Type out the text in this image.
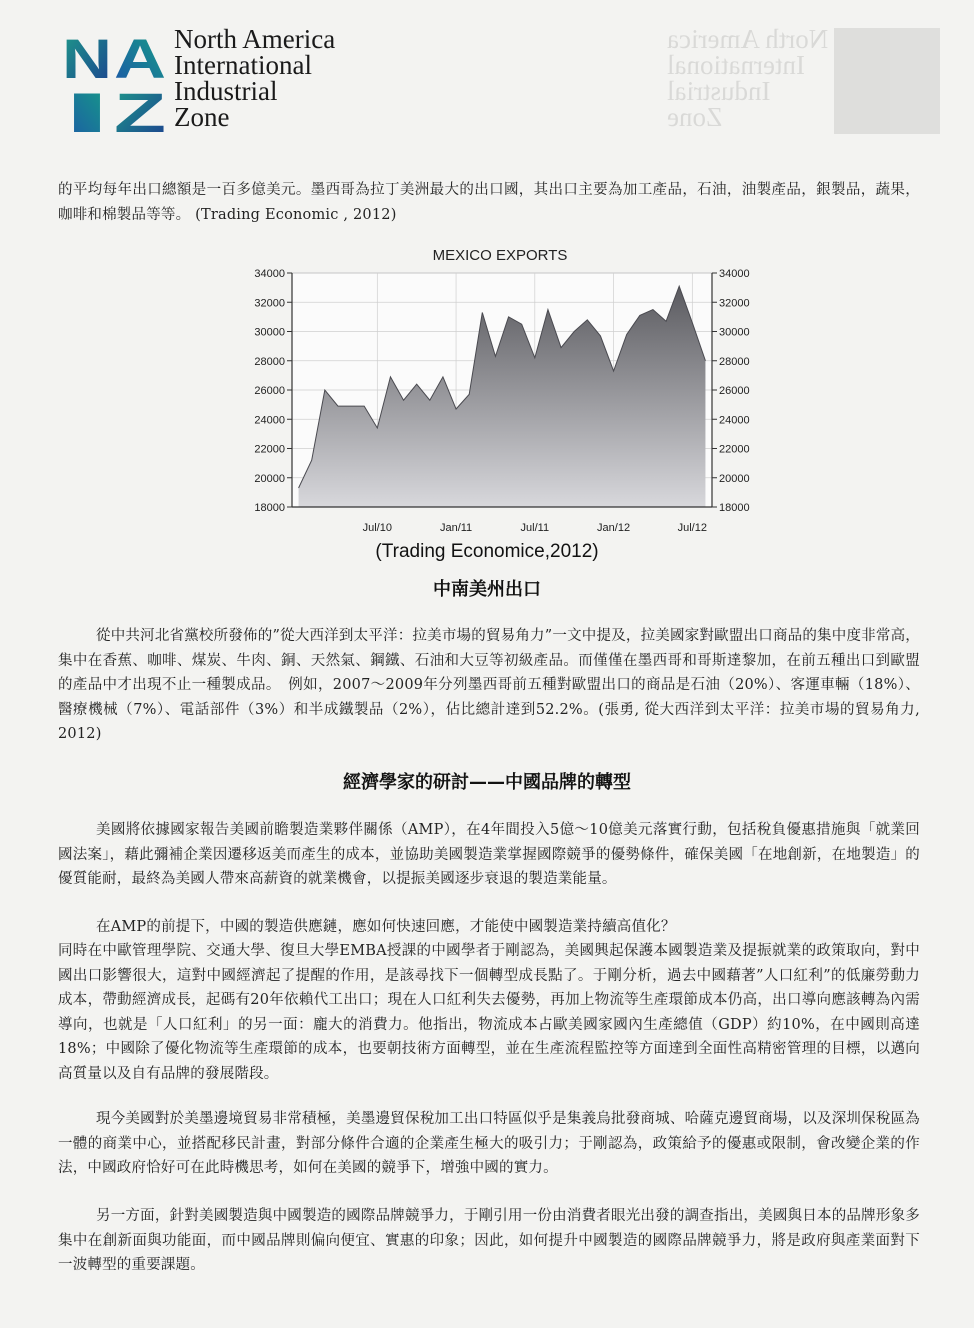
N A
I Z
North America
International
Industrial
Zone
North America
International
Industrial
Zone

的平均每年出口總額是一百多億美元。墨西哥為拉丁美洲最大的出口國，其出口主要為加工產品，石油，油製產品，銀製品，蔬果，咖啡和棉製品等等。 (Trading Economic , 2012)

MEXICO EXPORTS
18000	18000
20000	20000
22000	22000
24000	24000
26000	26000
28000	28000
30000	30000
32000	32000
34000	34000
Jul/10	Jan/11	Jul/11	Jan/12	Jul/12
(Trading Economice,2012)
中南美州出口

從中共河北省黨校所發佈的”從大西洋到太平洋：拉美市場的貿易角力”一文中提及，拉美國家對歐盟出口商品的集中度非常高，集中在香蕉、咖啡、煤炭、牛肉、銅、天然氣、鋼鐵、石油和大豆等初級產品。而僅僅在墨西哥和哥斯達黎加，在前五種出口到歐盟的產品中才出現不止一種製成品。　例如，2007～2009年分列墨西哥前五種對歐盟出口的商品是石油（20%）、客運車輛（18%）、醫療機械（7%）、電話部件（3%）和半成鐵製品（2%），佔比總計達到52.2%。(張勇, 從大西洋到太平洋：拉美市場的貿易角力, 2012)

經濟學家的研討——中國品牌的轉型

美國將依據國家報告美國前瞻製造業夥伴關係（AMP），在4年間投入5億～10億美元落實行動，包括稅負優惠措施與「就業回國法案」，藉此彌補企業因遷移返美而產生的成本，並協助美國製造業掌握國際競爭的優勢條件，確保美國「在地創新，在地製造」的優質能耐，最終為美國人帶來高薪資的就業機會，以提振美國逐步衰退的製造業能量。

在AMP的前提下，中國的製造供應鏈，應如何快速回應，才能使中國製造業持續高值化？

同時在中歐管理學院、交通大學、復旦大學EMBA授課的中國學者于剛認為，美國興起保護本國製造業及提振就業的政策取向，對中國出口影響很大，這對中國經濟起了提醒的作用，是該尋找下一個轉型成長點了。于剛分析，過去中國藉著”人口紅利”的低廉勞動力成本，帶動經濟成長，起碼有20年依賴代工出口；現在人口紅利失去優勢，再加上物流等生產環節成本仍高，出口導向應該轉為內需導向，也就是「人口紅利」的另一面：龐大的消費力。他指出，物流成本占歐美國家國內生產總值（GDP）約10%，在中國則高達18%；中國除了優化物流等生產環節的成本，也要朝技術方面轉型，並在生產流程監控等方面達到全面性高精密管理的目標，以邁向高質量以及自有品牌的發展階段。

現今美國對於美墨邊境貿易非常積極，美墨邊貿保稅加工出口特區似乎是集義烏批發商城、哈薩克邊貿商場，以及深圳保稅區為一體的商業中心，並搭配移民計畫，對部分條件合適的企業產生極大的吸引力；于剛認為，政策給予的優惠或限制，會改變企業的作法，中國政府恰好可在此時機思考，如何在美國的競爭下，增強中國的實力。

另一方面，針對美國製造與中國製造的國際品牌競爭力，于剛引用一份由消費者眼光出發的調查指出，美國與日本的品牌形象多集中在創新面與功能面，而中國品牌則偏向便宜、實惠的印象；因此，如何提升中國製造的國際品牌競爭力，將是政府與產業面對下一波轉型的重要課題。
